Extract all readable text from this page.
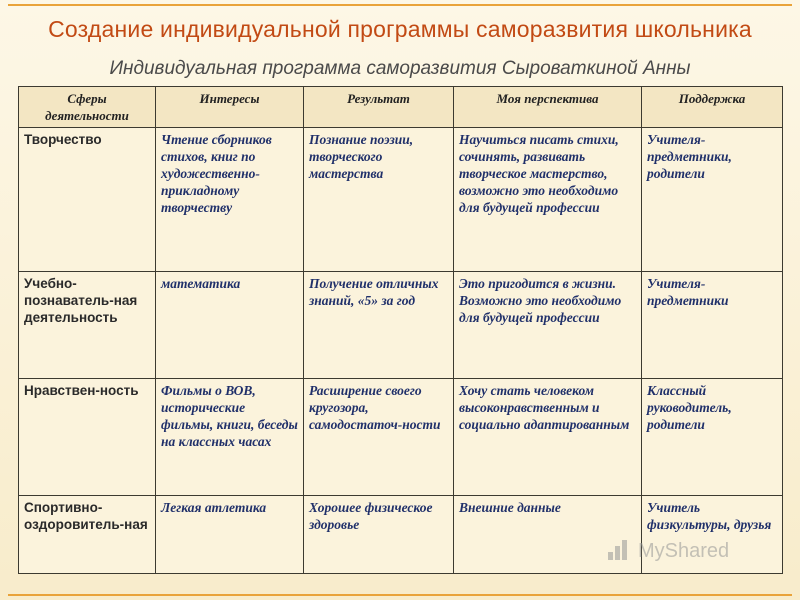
Создание индивидуальной программы саморазвития школьника
Индивидуальная программа саморазвития Сыроваткиной Анны
Сферы деятельности	Интересы	Результат	Моя перспектива	Поддержка
Творчество	Чтение сборников стихов, книг по художественно-прикладному творчеству	Познание поэзии, творческого мастерства	Научиться писать стихи, сочинять, развивать творческое мастерство, возможно это необходимо для будущей профессии	Учителя-предметники, родители
Учебно-познаватель-ная деятельность	математика	Получение отличных знаний, «5» за год	Это пригодится в жизни. Возможно это необходимо для будущей профессии	Учителя-предметники
Нравствен-ность	Фильмы о ВОВ, исторические фильмы, книги, беседы на классных часах	Расширение своего кругозора, самодостаточ-ности	Хочу стать человеком высоконравственным и социально адаптированным	Классный руководитель, родители
Спортивно-оздоровитель-ная	Легкая атлетика	Хорошее физическое здоровье	Внешние данные	Учитель физкультуры, друзья
MyShared
